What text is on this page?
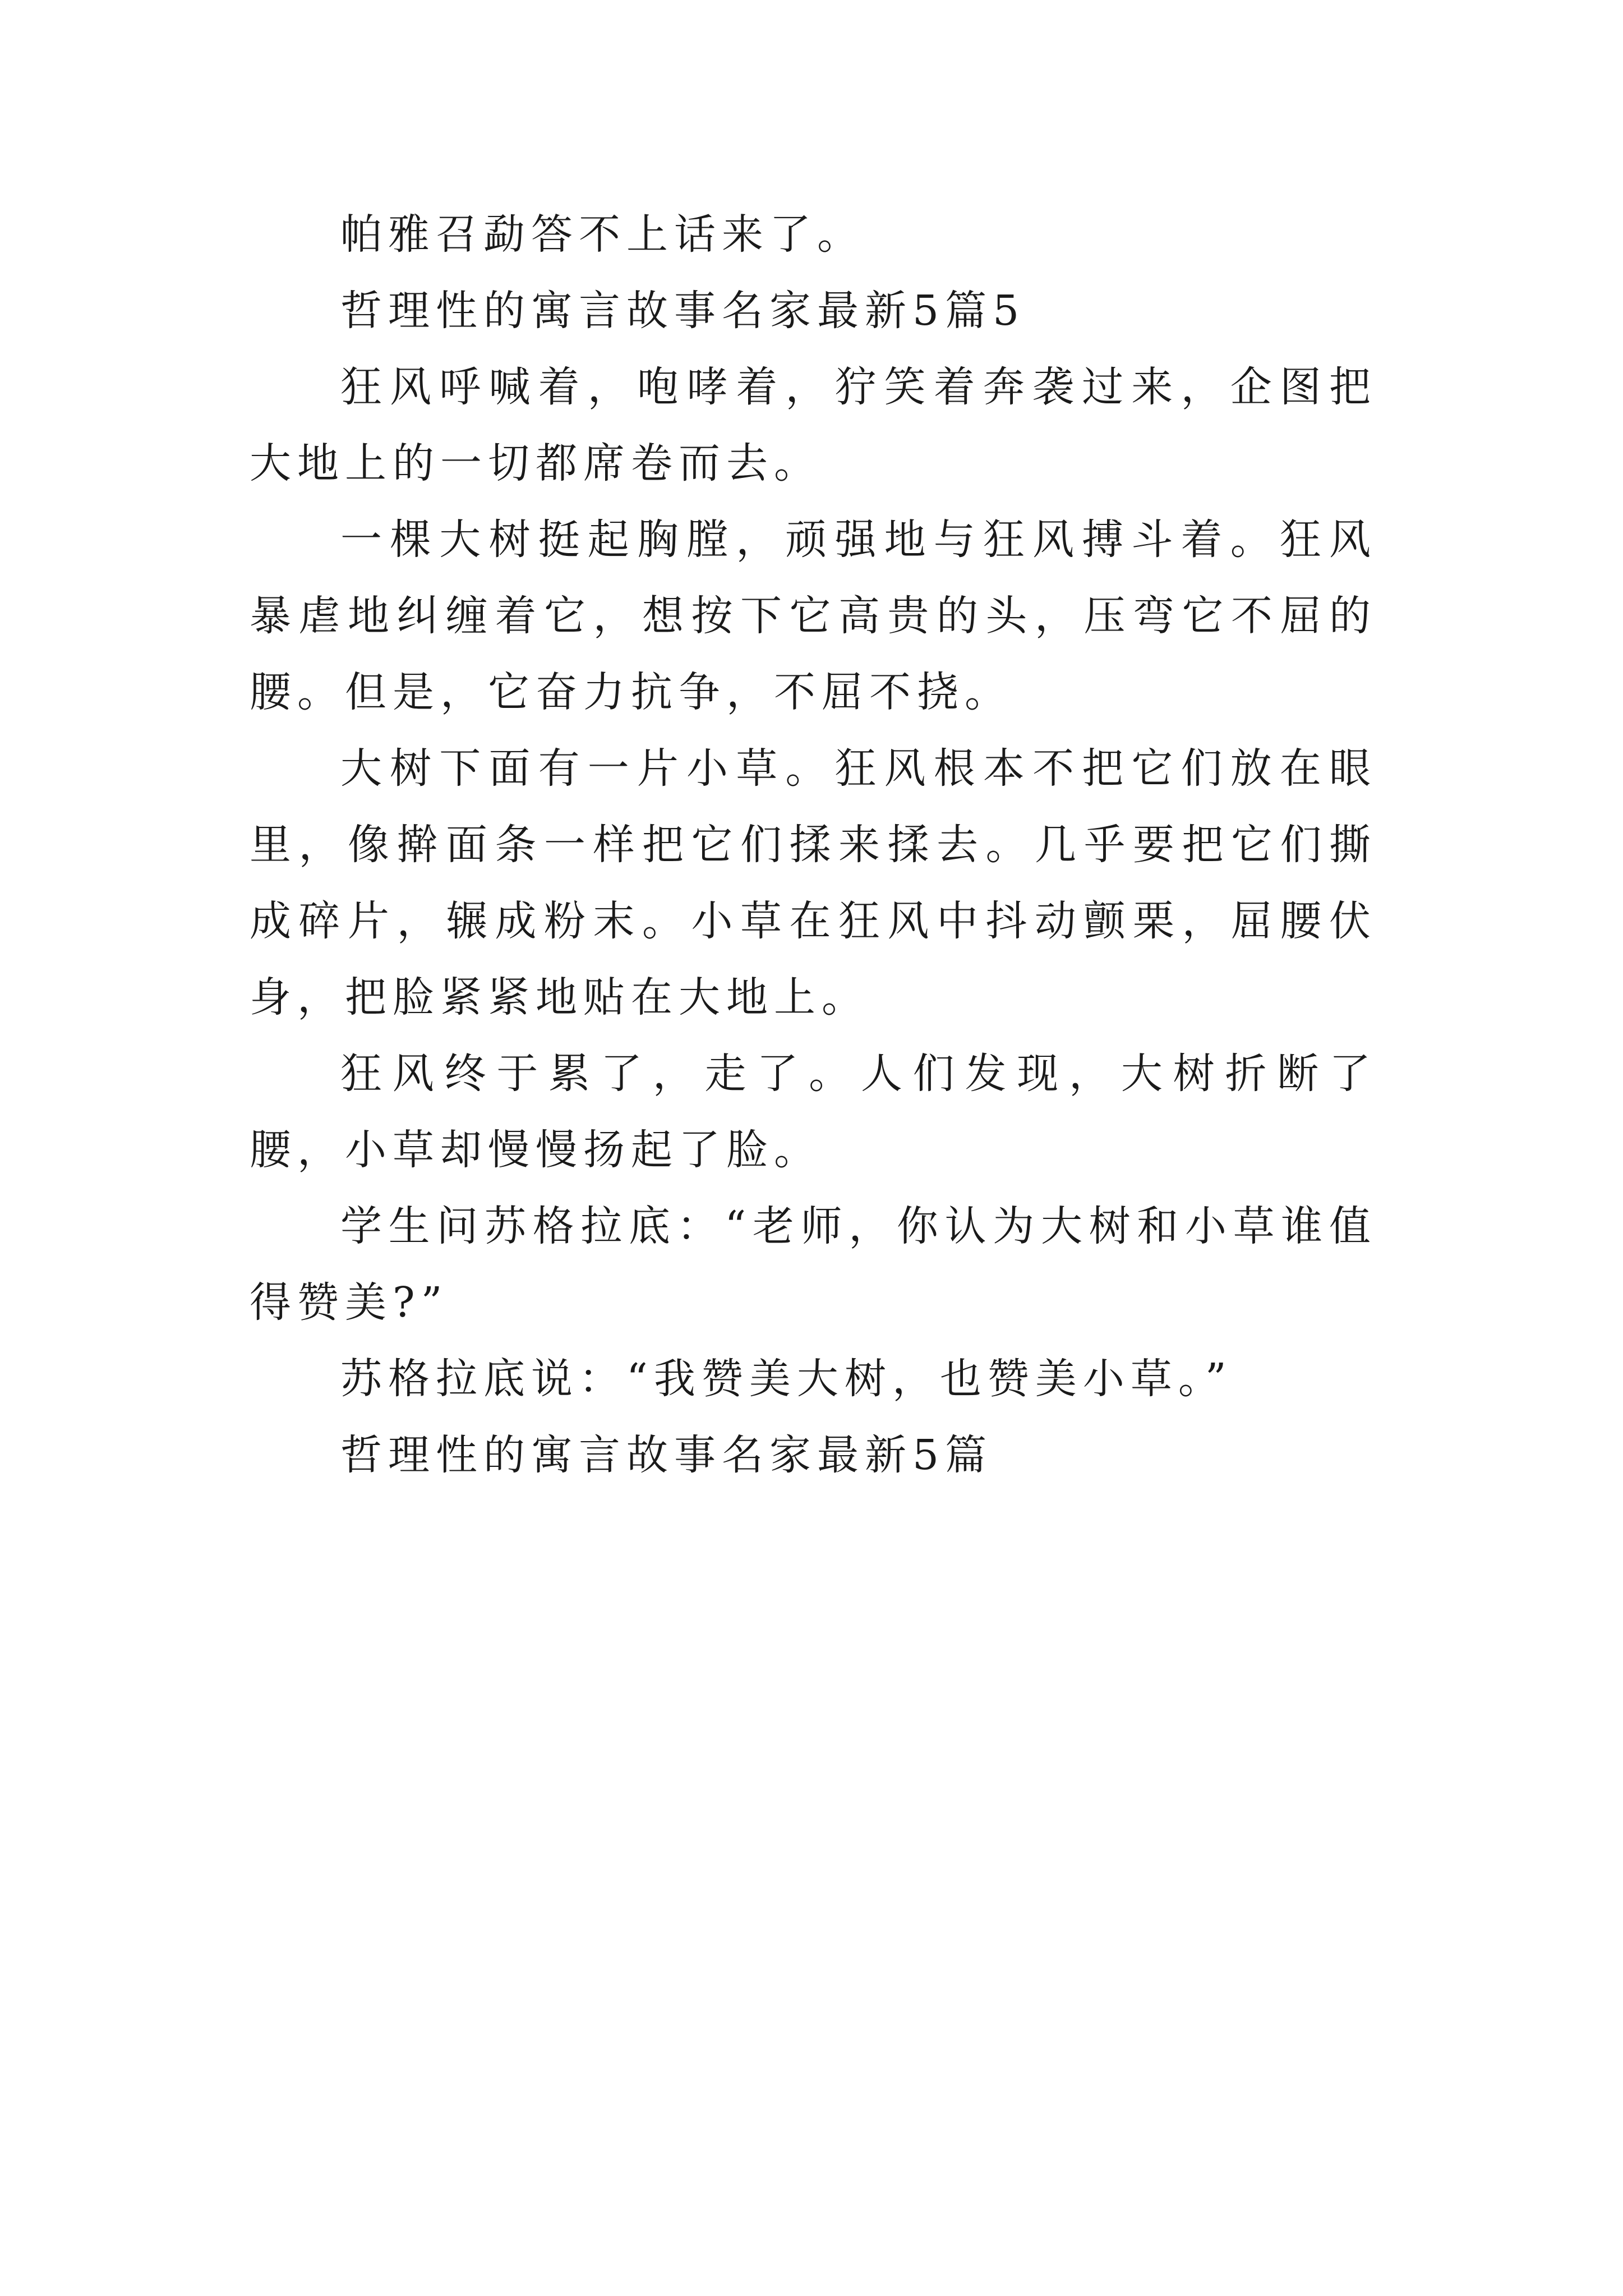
帕雅召勐答不上话来了。

哲理性的寓言故事名家最新5篇5

狂风呼喊着，咆哮着，狞笑着奔袭过来，企图把大地上的一切都席卷而去。

一棵大树挺起胸膛，顽强地与狂风搏斗着。狂风暴虐地纠缠着它，想按下它高贵的头，压弯它不屈的腰。但是，它奋力抗争，不屈不挠。

大树下面有一片小草。狂风根本不把它们放在眼里，像擀面条一样把它们揉来揉去。几乎要把它们撕成碎片，辗成粉末。小草在狂风中抖动颤栗，屈腰伏身，把脸紧紧地贴在大地上。

狂风终于累了，走了。人们发现，大树折断了腰，小草却慢慢扬起了脸。

学生问苏格拉底：“老师，你认为大树和小草谁值得赞美?”

苏格拉底说：“我赞美大树，也赞美小草。”

哲理性的寓言故事名家最新5篇
